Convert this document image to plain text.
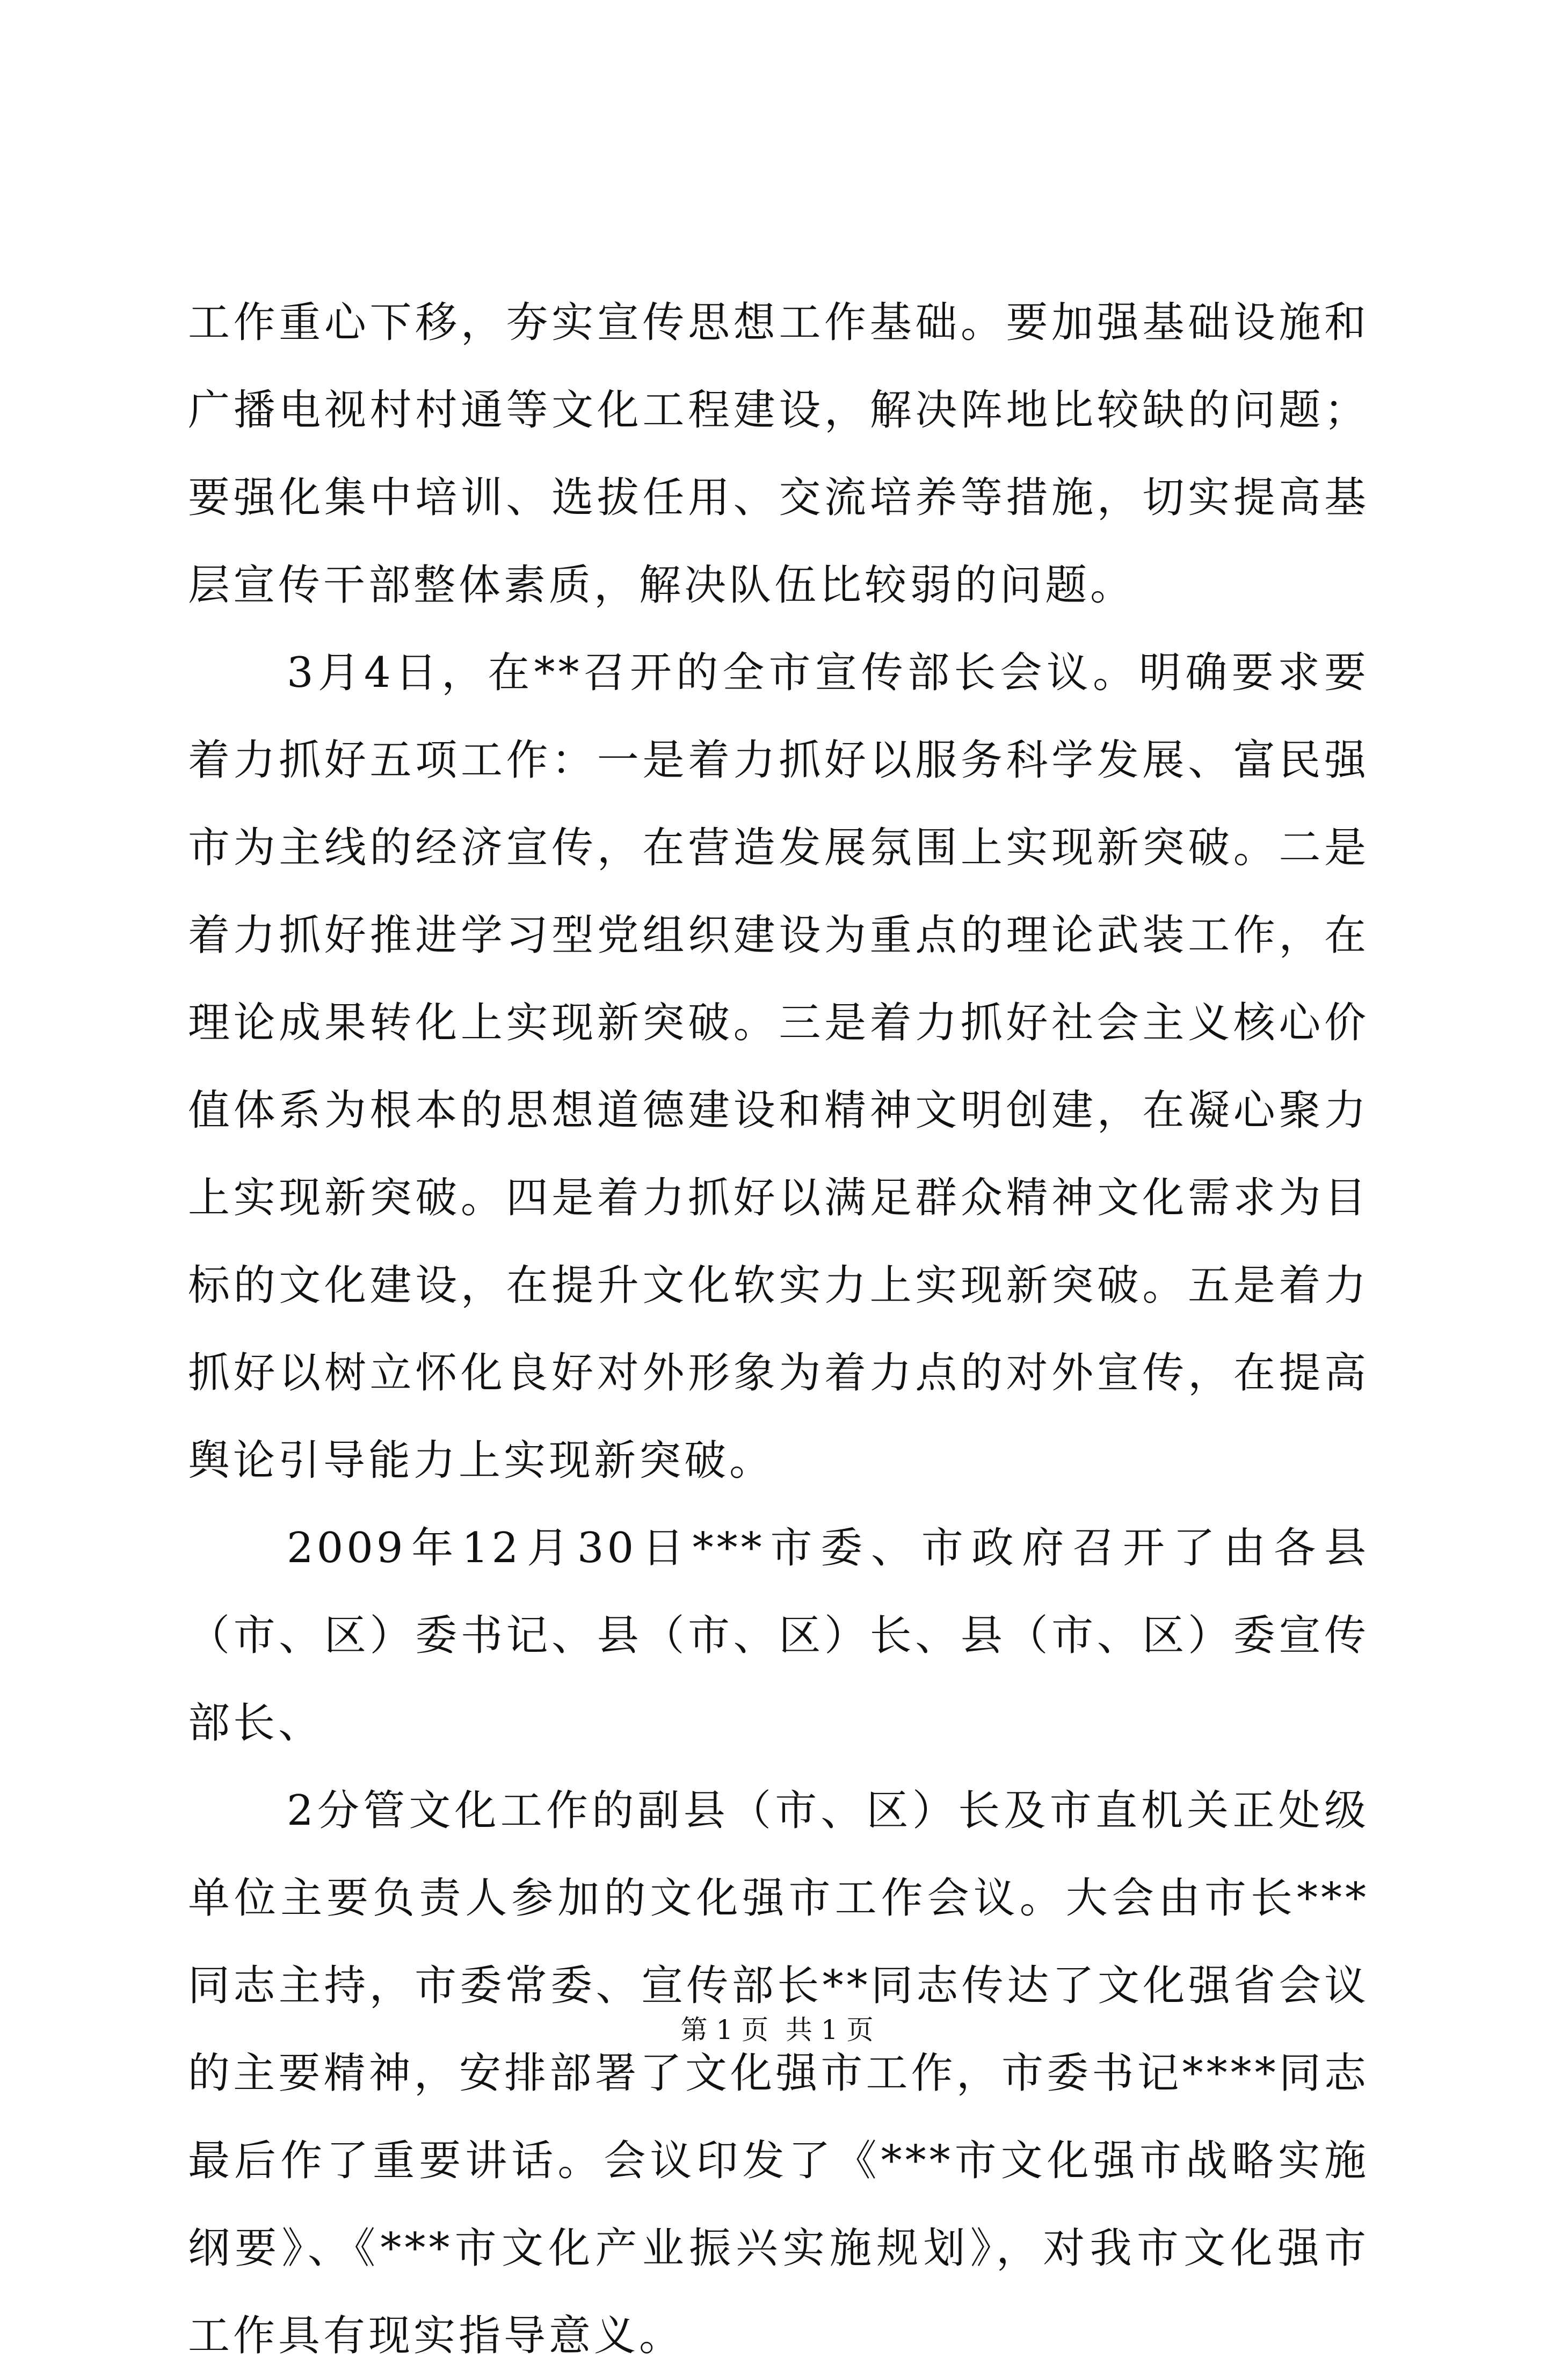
工作重心下移，夯实宣传思想工作基础。要加强基础设施和广播电视村村通等文化工程建设，解决阵地比较缺的问题；要强化集中培训、选拔任用、交流培养等措施，切实提高基层宣传干部整体素质，解决队伍比较弱的问题。

3月4日，在**召开的全市宣传部长会议。明确要求要着力抓好五项工作：一是着力抓好以服务科学发展、富民强市为主线的经济宣传，在营造发展氛围上实现新突破。二是着力抓好推进学习型党组织建设为重点的理论武装工作，在理论成果转化上实现新突破。三是着力抓好社会主义核心价值体系为根本的思想道德建设和精神文明创建，在凝心聚力上实现新突破。四是着力抓好以满足群众精神文化需求为目标的文化建设，在提升文化软实力上实现新突破。五是着力抓好以树立怀化良好对外形象为着力点的对外宣传，在提高舆论引导能力上实现新突破。

2009年12月30日***市委、市政府召开了由各县（市、区）委书记、县（市、区）长、县（市、区）委宣传部长、

2分管文化工作的副县（市、区）长及市直机关正处级单位主要负责人参加的文化强市工作会议。大会由市长***同志主持，市委常委、宣传部长**同志传达了文化强省会议的主要精神，安排部署了文化强市工作，市委书记****同志最后作了重要讲话。会议印发了《***市文化强市战略实施纲要》、《***市文化产业振兴实施规划》，对我市文化强市工作具有现实指导意义。

第 1 页  共 1 页
